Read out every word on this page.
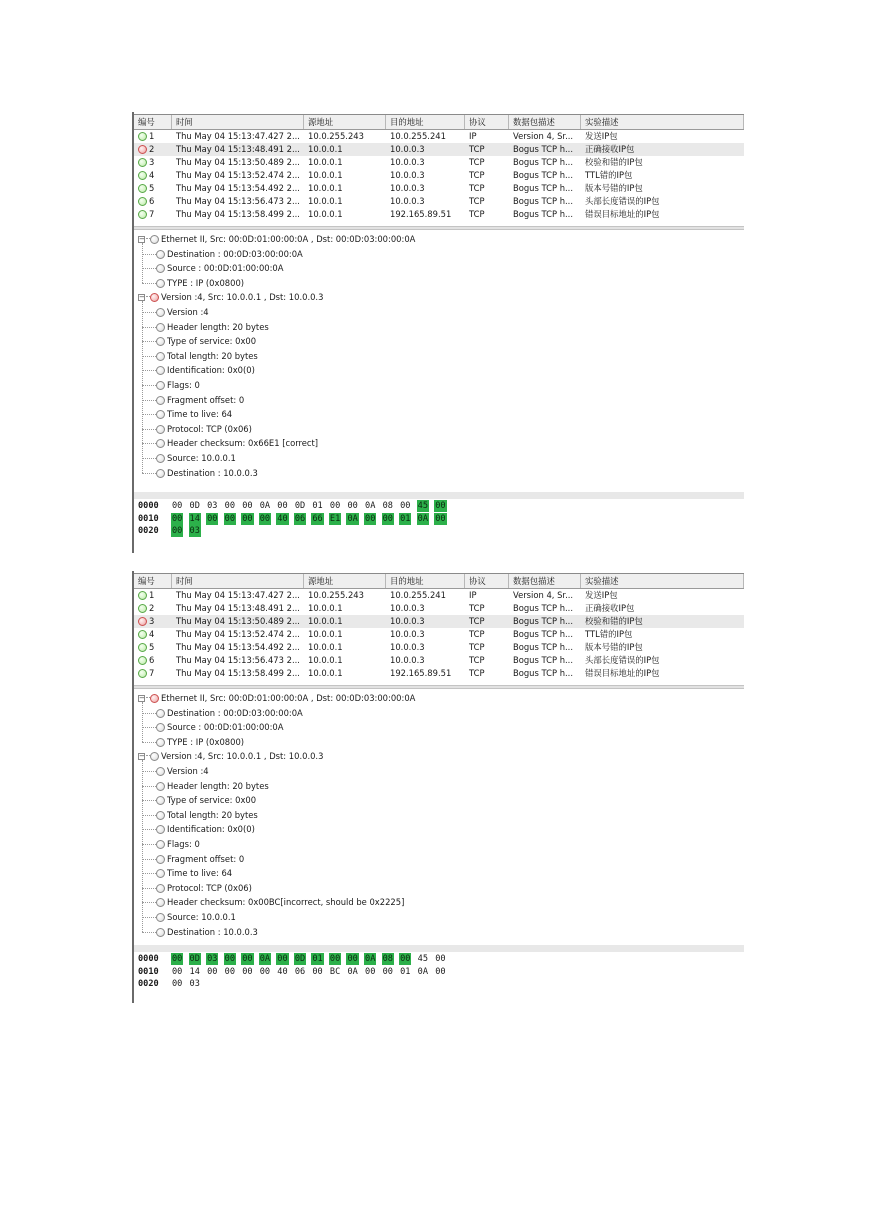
编号	时间	源地址	目的地址	协议	数据包描述	实验描述
1	Thu May 04 15:13:47.427 2... 10.0.255.243	10.0.255.241	IP	Version 4, Sr...	发送IP包
2	Thu May 04 15:13:48.491 2... 10.0.0.1	10.0.0.3	TCP	Bogus TCP h...	正确接收IP包
3	Thu May 04 15:13:50.489 2... 10.0.0.1	10.0.0.3	TCP	Bogus TCP h...	校验和错的IP包
4	Thu May 04 15:13:52.474 2... 10.0.0.1	10.0.0.3	TCP	Bogus TCP h...	TTL错的IP包
5	Thu May 04 15:13:54.492 2... 10.0.0.1	10.0.0.3	TCP	Bogus TCP h...	版本号错的IP包
6	Thu May 04 15:13:56.473 2... 10.0.0.1	10.0.0.3	TCP	Bogus TCP h...	头部长度错误的IP包
7	Thu May 04 15:13:58.499 2... 10.0.0.1	192.165.89.51	TCP	Bogus TCP h...	错误目标地址的IP包
− Ethernet II, Src: 00:0D:01:00:00:0A , Dst: 00:0D:03:00:00:0A
Destination : 00:0D:03:00:00:0A
Source : 00:0D:01:00:00:0A
TYPE : IP (0x0800)
− Version :4, Src: 10.0.0.1 , Dst: 10.0.0.3
Version :4
Header length: 20 bytes
Type of service: 0x00
Total length: 20 bytes
Identification: 0x0(0)
Flags: 0
Fragment offset: 0
Time to live: 64
Protocol: TCP (0x06)
Header checksum: 0x66E1 [correct]
Source: 10.0.0.1
Destination : 10.0.0.3
0000 00 0D 03 00 00 0A 00 0D 01 00 00 0A 08 00 45 00
0010 00 14 00 00 00 00 40 06 66 E1 0A 00 00 01 0A 00
0020 00 03
编号	时间	源地址	目的地址	协议	数据包描述	实验描述
1	Thu May 04 15:13:47.427 2... 10.0.255.243	10.0.255.241	IP	Version 4, Sr...	发送IP包
2	Thu May 04 15:13:48.491 2... 10.0.0.1	10.0.0.3	TCP	Bogus TCP h...	正确接收IP包
3	Thu May 04 15:13:50.489 2... 10.0.0.1	10.0.0.3	TCP	Bogus TCP h...	校验和错的IP包
4	Thu May 04 15:13:52.474 2... 10.0.0.1	10.0.0.3	TCP	Bogus TCP h...	TTL错的IP包
5	Thu May 04 15:13:54.492 2... 10.0.0.1	10.0.0.3	TCP	Bogus TCP h...	版本号错的IP包
6	Thu May 04 15:13:56.473 2... 10.0.0.1	10.0.0.3	TCP	Bogus TCP h...	头部长度错误的IP包
7	Thu May 04 15:13:58.499 2... 10.0.0.1	192.165.89.51	TCP	Bogus TCP h...	错误目标地址的IP包
− Ethernet II, Src: 00:0D:01:00:00:0A , Dst: 00:0D:03:00:00:0A
Destination : 00:0D:03:00:00:0A
Source : 00:0D:01:00:00:0A
TYPE : IP (0x0800)
− Version :4, Src: 10.0.0.1 , Dst: 10.0.0.3
Version :4
Header length: 20 bytes
Type of service: 0x00
Total length: 20 bytes
Identification: 0x0(0)
Flags: 0
Fragment offset: 0
Time to live: 64
Protocol: TCP (0x06)
Header checksum: 0x00BC[incorrect, should be 0x2225]
Source: 10.0.0.1
Destination : 10.0.0.3
0000 00 0D 03 00 00 0A 00 0D 01 00 00 0A 08 00 45 00
0010 00 14 00 00 00 00 40 06 00 BC 0A 00 00 01 0A 00
0020 00 03
